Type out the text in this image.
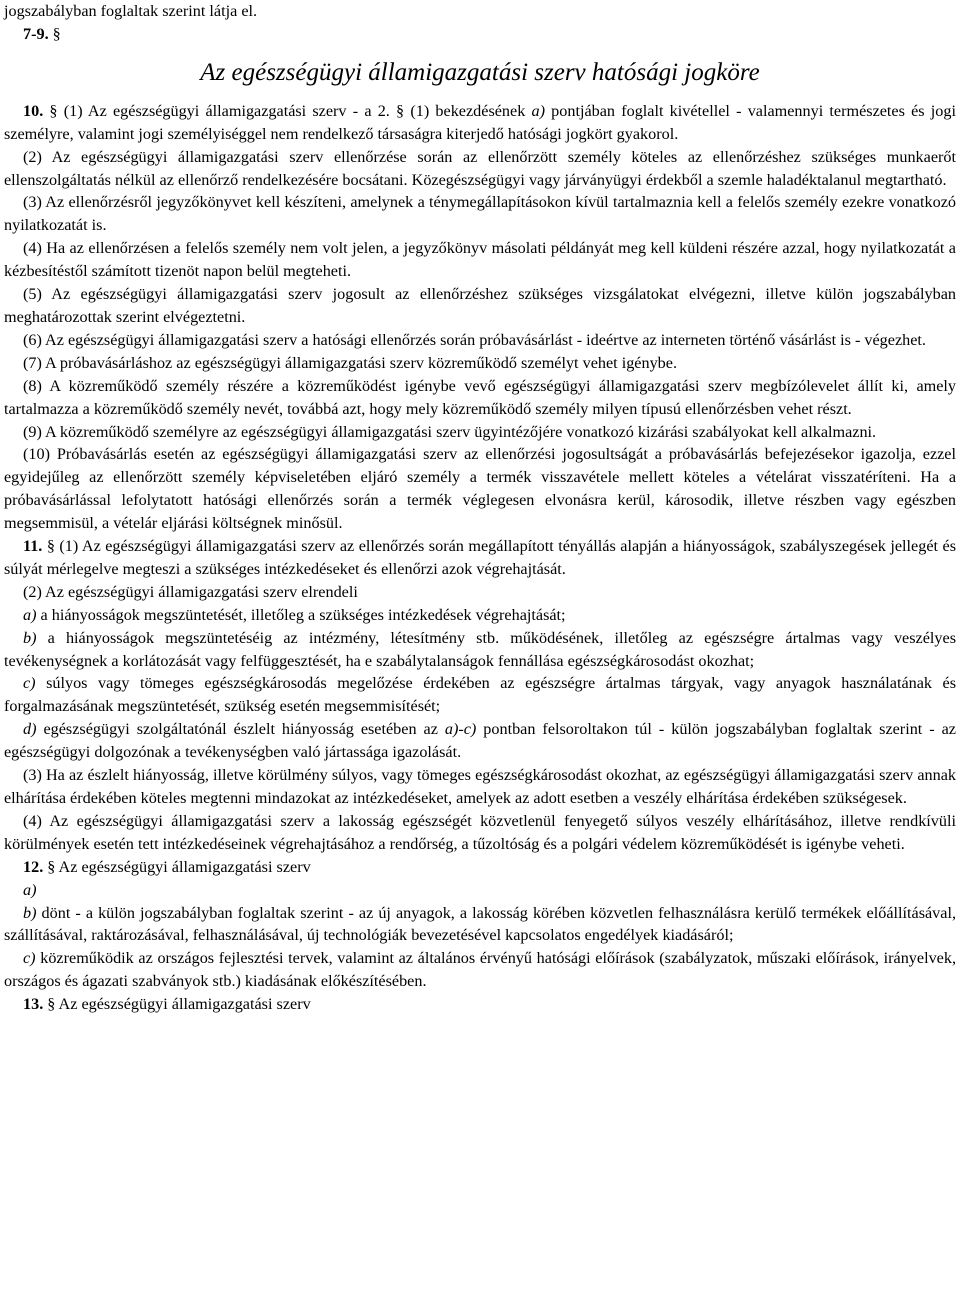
jogszabályban foglaltak szerint látja el.

7-9. §

Az egészségügyi államigazgatási szerv hatósági jogköre

10. § (1) Az egészségügyi államigazgatási szerv - a 2. § (1) bekezdésének a) pontjában foglalt kivétellel - valamennyi természetes és jogi személyre, valamint jogi személyiséggel nem rendelkező társaságra kiterjedő hatósági jogkört gyakorol.

(2) Az egészségügyi államigazgatási szerv ellenőrzése során az ellenőrzött személy köteles az ellenőrzéshez szükséges munkaerőt ellenszolgáltatás nélkül az ellenőrző rendelkezésére bocsátani. Közegészségügyi vagy járványügyi érdekből a szemle haladéktalanul megtartható.

(3) Az ellenőrzésről jegyzőkönyvet kell készíteni, amelynek a ténymegállapításokon kívül tartalmaznia kell a felelős személy ezekre vonatkozó nyilatkozatát is.

(4) Ha az ellenőrzésen a felelős személy nem volt jelen, a jegyzőkönyv másolati példányát meg kell küldeni részére azzal, hogy nyilatkozatát a kézbesítéstől számított tizenöt napon belül megteheti.

(5) Az egészségügyi államigazgatási szerv jogosult az ellenőrzéshez szükséges vizsgálatokat elvégezni, illetve külön jogszabályban meghatározottak szerint elvégeztetni.

(6) Az egészségügyi államigazgatási szerv a hatósági ellenőrzés során próbavásárlást - ideértve az interneten történő vásárlást is - végezhet.

(7) A próbavásárláshoz az egészségügyi államigazgatási szerv közreműködő személyt vehet igénybe.

(8) A közreműködő személy részére a közreműködést igénybe vevő egészségügyi államigazgatási szerv megbízólevelet állít ki, amely tartalmazza a közreműködő személy nevét, továbbá azt, hogy mely közreműködő személy milyen típusú ellenőrzésben vehet részt.

(9) A közreműködő személyre az egészségügyi államigazgatási szerv ügyintézőjére vonatkozó kizárási szabályokat kell alkalmazni.

(10) Próbavásárlás esetén az egészségügyi államigazgatási szerv az ellenőrzési jogosultságát a próbavásárlás befejezésekor igazolja, ezzel egyidejűleg az ellenőrzött személy képviseletében eljáró személy a termék visszavétele mellett köteles a vételárat visszatéríteni. Ha a próbavásárlással lefolytatott hatósági ellenőrzés során a termék véglegesen elvonásra kerül, károsodik, illetve részben vagy egészben megsemmisül, a vételár eljárási költségnek minősül.

11. § (1) Az egészségügyi államigazgatási szerv az ellenőrzés során megállapított tényállás alapján a hiányosságok, szabályszegések jellegét és súlyát mérlegelve megteszi a szükséges intézkedéseket és ellenőrzi azok végrehajtását.

(2) Az egészségügyi államigazgatási szerv elrendeli

a) a hiányosságok megszüntetését, illetőleg a szükséges intézkedések végrehajtását;

b) a hiányosságok megszüntetéséig az intézmény, létesítmény stb. működésének, illetőleg az egészségre ártalmas vagy veszélyes tevékenységnek a korlátozását vagy felfüggesztését, ha e szabálytalanságok fennállása egészségkárosodást okozhat;

c) súlyos vagy tömeges egészségkárosodás megelőzése érdekében az egészségre ártalmas tárgyak, vagy anyagok használatának és forgalmazásának megszüntetését, szükség esetén megsemmisítését;

d) egészségügyi szolgáltatónál észlelt hiányosság esetében az a)-c) pontban felsoroltakon túl - külön jogszabályban foglaltak szerint - az egészségügyi dolgozónak a tevékenységben való jártassága igazolását.

(3) Ha az észlelt hiányosság, illetve körülmény súlyos, vagy tömeges egészségkárosodást okozhat, az egészségügyi államigazgatási szerv annak elhárítása érdekében köteles megtenni mindazokat az intézkedéseket, amelyek az adott esetben a veszély elhárítása érdekében szükségesek.

(4) Az egészségügyi államigazgatási szerv a lakosság egészségét közvetlenül fenyegető súlyos veszély elhárításához, illetve rendkívüli körülmények esetén tett intézkedéseinek végrehajtásához a rendőrség, a tűzoltóság és a polgári védelem közreműködését is igénybe veheti.

12. § Az egészségügyi államigazgatási szerv

a)

b) dönt - a külön jogszabályban foglaltak szerint - az új anyagok, a lakosság körében közvetlen felhasználásra kerülő termékek előállításával, szállításával, raktározásával, felhasználásával, új technológiák bevezetésével kapcsolatos engedélyek kiadásáról;

c) közreműködik az országos fejlesztési tervek, valamint az általános érvényű hatósági előírások (szabályzatok, műszaki előírások, irányelvek, országos és ágazati szabványok stb.) kiadásának előkészítésében.

13. § Az egészségügyi államigazgatási szerv
